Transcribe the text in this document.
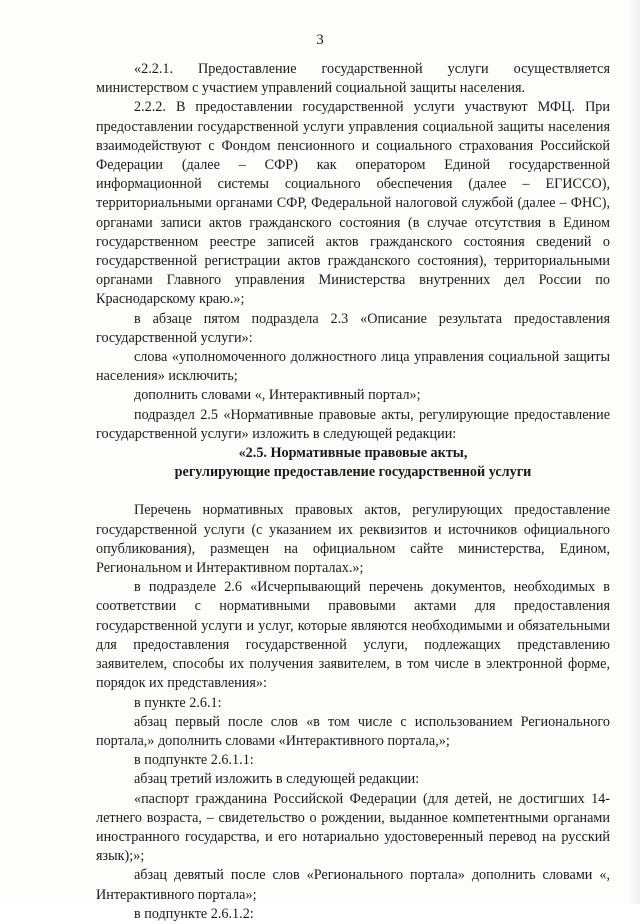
3

«2.2.1. Предоставление государственной услуги осуществляется министерством с участием управлений социальной защиты населения.

2.2.2. В предоставлении государственной услуги участвуют МФЦ. При предоставлении государственной услуги управления социальной защиты населения взаимодействуют с Фондом пенсионного и социального страхования Российской Федерации (далее – СФР) как оператором Единой государственной информационной системы социального обеспечения (далее – ЕГИССО), территориальными органами СФР, Федеральной налоговой службой (далее – ФНС), органами записи актов гражданского состояния (в случае отсутствия в Едином государственном реестре записей актов гражданского состояния сведений о государственной регистрации актов гражданского состояния), территориальными органами Главного управления Министерства внутренних дел России по Краснодарскому краю.»;

в абзаце пятом подраздела 2.3 «Описание результата предоставления государственной услуги»:

слова «уполномоченного должностного лица управления социальной защиты населения» исключить;

дополнить словами «, Интерактивный портал»;

подраздел 2.5 «Нормативные правовые акты, регулирующие предоставление государственной услуги» изложить в следующей редакции:

«2.5. Нормативные правовые акты,

регулирующие предоставление государственной услуги

Перечень нормативных правовых актов, регулирующих предоставление государственной услуги (с указанием их реквизитов и источников официального опубликования), размещен на официальном сайте министерства, Едином, Региональном и Интерактивном порталах.»;

в подразделе 2.6 «Исчерпывающий перечень документов, необходимых в соответствии с нормативными правовыми актами для предоставления государственной услуги и услуг, которые являются необходимыми и обязательными для предоставления государственной услуги, подлежащих представлению заявителем, способы их получения заявителем, в том числе в электронной форме, порядок их представления»:

в пункте 2.6.1:

абзац первый после слов «в том числе с использованием Регионального портала,» дополнить словами «Интерактивного портала,»;

в подпункте 2.6.1.1:

абзац третий изложить в следующей редакции:

«паспорт гражданина Российской Федерации (для детей, не достигших 14-летнего возраста, – свидетельство о рождении, выданное компетентными органами иностранного государства, и его нотариально удостоверенный перевод на русский язык);»;

абзац девятый после слов «Регионального портала» дополнить словами «, Интерактивного портала»;

в подпункте 2.6.1.2:
